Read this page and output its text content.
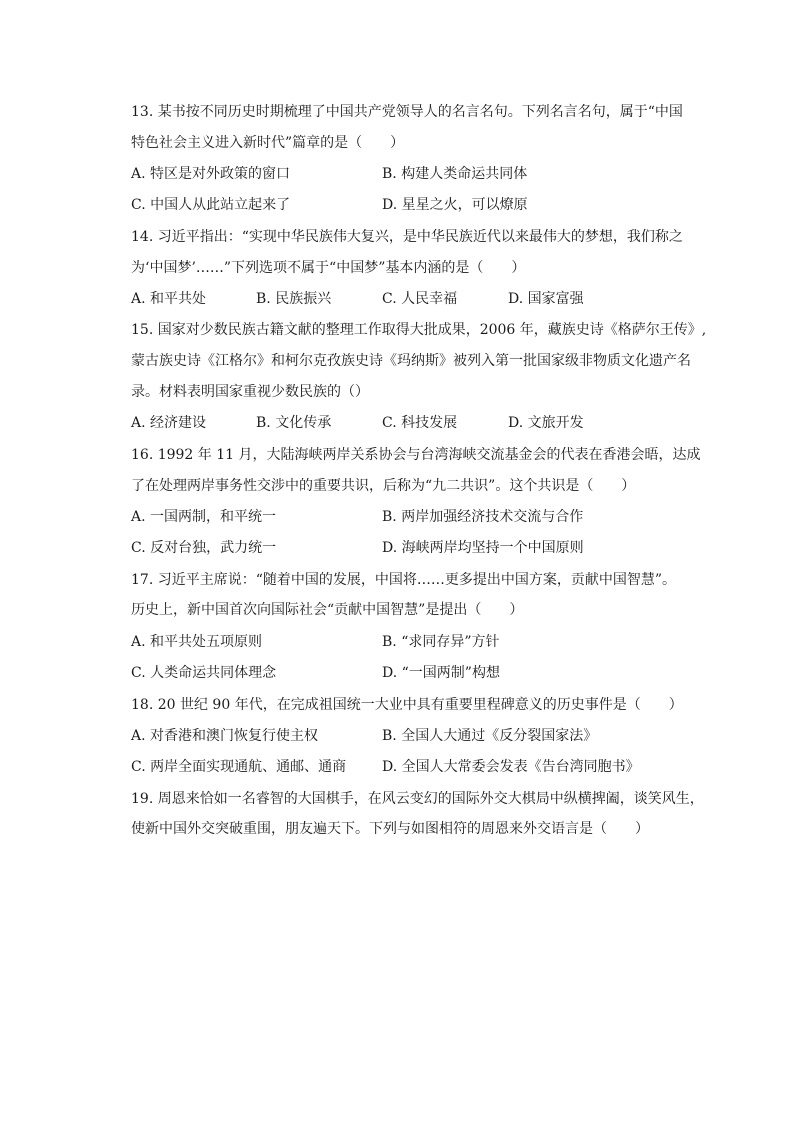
13. 某书按不同历史时期梳理了中国共产党领导人的名言名句。下列名言名句，属于“中国
特色社会主义进入新时代”篇章的是（　　）
A. 特区是对外政策的窗口	B. 构建人类命运共同体
C. 中国人从此站立起来了	D. 星星之火，可以燎原
14. 习近平指出：“实现中华民族伟大复兴，是中华民族近代以来最伟大的梦想，我们称之
为‘中国梦’……”下列选项不属于“中国梦”基本内涵的是（　　）
A. 和平共处	B. 民族振兴	C. 人民幸福	D. 国家富强
15. 国家对少数民族古籍文献的整理工作取得大批成果，2006 年，藏族史诗《格萨尔王传》,
蒙古族史诗《江格尔》和柯尔克孜族史诗《玛纳斯》被列入第一批国家级非物质文化遗产名
录。材料表明国家重视少数民族的（）
A. 经济建设	B. 文化传承	C. 科技发展	D. 文旅开发
16. 1992 年 11 月，大陆海峡两岸关系协会与台湾海峡交流基金会的代表在香港会晤，达成
了在处理两岸事务性交涉中的重要共识，后称为“九二共识”。这个共识是（　　）
A. 一国两制，和平统一	B. 两岸加强经济技术交流与合作
C. 反对台独，武力统一	D. 海峡两岸均坚持一个中国原则
17. 习近平主席说：“随着中国的发展，中国将……更多提出中国方案，贡献中国智慧”。
历史上，新中国首次向国际社会“贡献中国智慧”是提出（　　）
A. 和平共处五项原则	B. “求同存异”方针
C. 人类命运共同体理念	D. “一国两制”构想
18. 20 世纪 90 年代，在完成祖国统一大业中具有重要里程碑意义的历史事件是（　　）
A. 对香港和澳门恢复行使主权	B. 全国人大通过《反分裂国家法》
C. 两岸全面实现通航、通邮、通商	D. 全国人大常委会发表《告台湾同胞书》
19. 周恩来恰如一名睿智的大国棋手，在风云变幻的国际外交大棋局中纵横捭阖，谈笑风生，
使新中国外交突破重围，朋友遍天下。下列与如图相符的周恩来外交语言是（　　）
